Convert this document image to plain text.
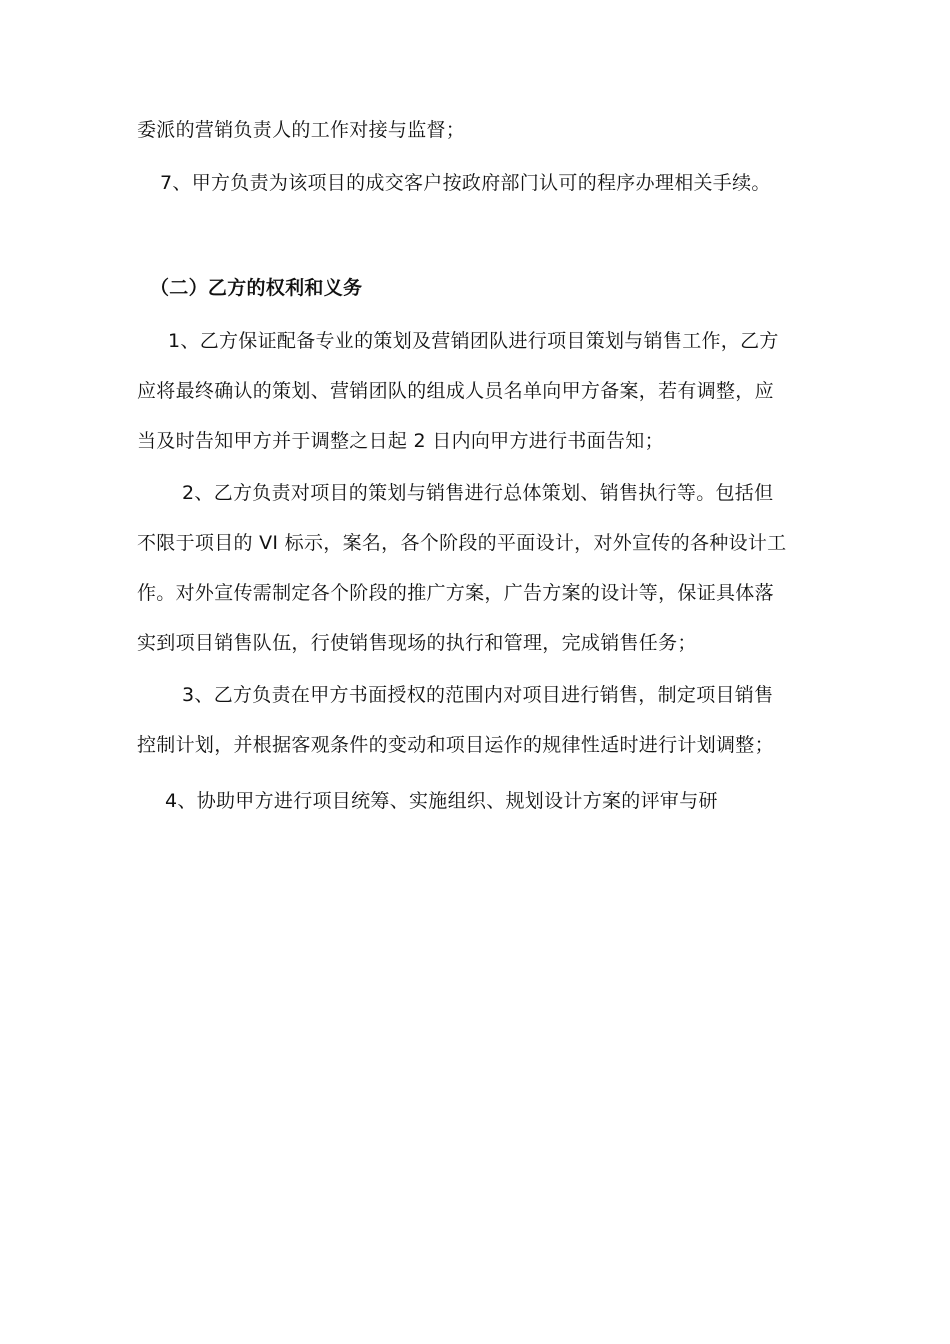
委派的营销负责人的工作对接与监督；
7、甲方负责为该项目的成交客户按政府部门认可的程序办理相关手续。
（二）乙方的权利和义务
1、乙方保证配备专业的策划及营销团队进行项目策划与销售工作，乙方
应将最终确认的策划、营销团队的组成人员名单向甲方备案，若有调整，应
当及时告知甲方并于调整之日起 2 日内向甲方进行书面告知；
2、乙方负责对项目的策划与销售进行总体策划、销售执行等。包括但
不限于项目的 VI 标示，案名，各个阶段的平面设计，对外宣传的各种设计工
作。对外宣传需制定各个阶段的推广方案，广告方案的设计等，保证具体落
实到项目销售队伍，行使销售现场的执行和管理，完成销售任务；
3、乙方负责在甲方书面授权的范围内对项目进行销售，制定项目销售
控制计划，并根据客观条件的变动和项目运作的规律性适时进行计划调整；
4、协助甲方进行项目统筹、实施组织、规划设计方案的评审与研
